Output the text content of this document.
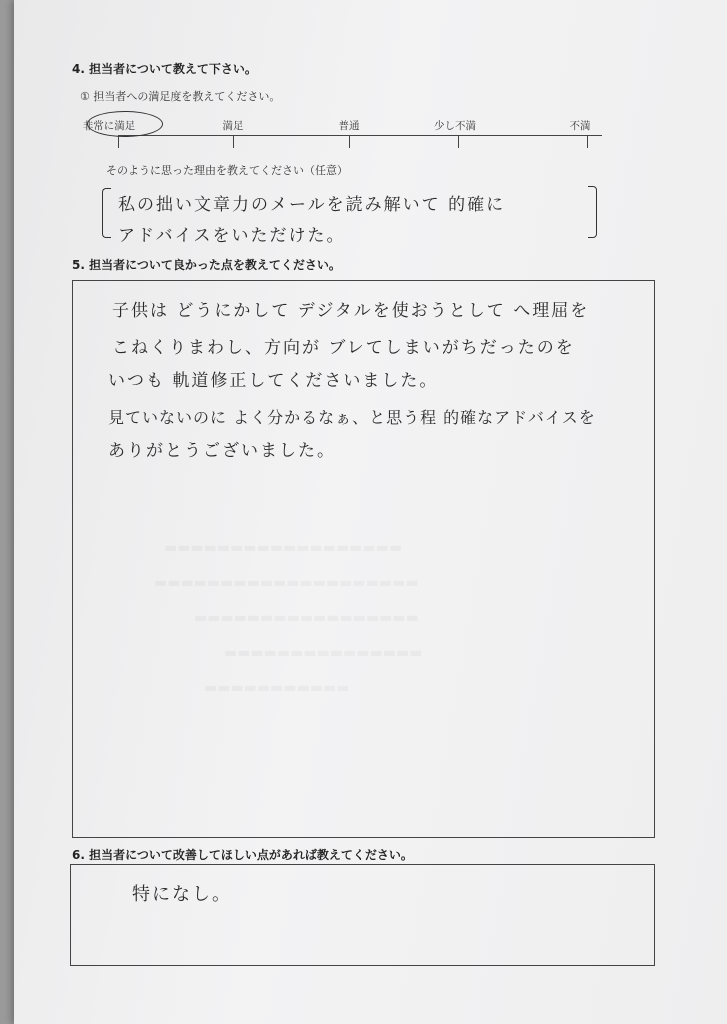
4. 担当者について教えて下さい。
① 担当者への満足度を教えてください。
非常に満足	満足	普通	少し不満	不満
そのように思った理由を教えてください（任意）
私の拙い文章力のメールを読み解いて 的確に
アドバイスをいただけた。
5. 担当者について良かった点を教えてください。
子供は どうにかして デジタルを使おうとして へ理屈を
こねくりまわし、方向が ブレてしまいがちだったのを
いつも 軌道修正してくださいました。
見ていないのに よく分かるなぁ、と思う程 的確なアドバイスを
ありがとうございました。
6. 担当者について改善してほしい点があれば教えてください。
特になし。
